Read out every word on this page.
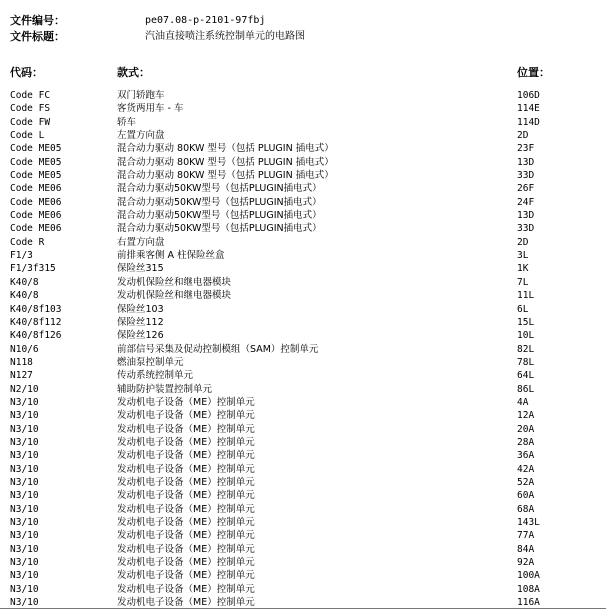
文件编号：	pe07.08-p-2101-97fbj
文件标题：	汽油直接喷注系统控制单元的电路图
代码：	款式：	位置：
Code FC	双门轿跑车	106D
Code FS	客货两用车 - 车	114E
Code FW	轿车	114D
Code L	左置方向盘	2D
Code ME05	混合动力驱动 80KW 型号（包括 PLUGIN 插电式）	23F
Code ME05	混合动力驱动 80KW 型号（包括 PLUGIN 插电式）	13D
Code ME05	混合动力驱动 80KW 型号（包括 PLUGIN 插电式）	33D
Code ME06	混合动力驱动50KW型号（包括PLUGIN插电式）	26F
Code ME06	混合动力驱动50KW型号（包括PLUGIN插电式）	24F
Code ME06	混合动力驱动50KW型号（包括PLUGIN插电式）	13D
Code ME06	混合动力驱动50KW型号（包括PLUGIN插电式）	33D
Code R	右置方向盘	2D
F1/3	前排乘客侧 A 柱保险丝盒	3L
F1/3f315	保险丝315	1K
K40/8	发动机保险丝和继电器模块	7L
K40/8	发动机保险丝和继电器模块	11L
K40/8f103	保险丝103	6L
K40/8f112	保险丝112	15L
K40/8f126	保险丝126	10L
N10/6	前部信号采集及促动控制模组（SAM）控制单元	82L
N118	燃油泵控制单元	78L
N127	传动系统控制单元	64L
N2/10	辅助防护装置控制单元	86L
N3/10	发动机电子设备（ME）控制单元	4A
N3/10	发动机电子设备（ME）控制单元	12A
N3/10	发动机电子设备（ME）控制单元	20A
N3/10	发动机电子设备（ME）控制单元	28A
N3/10	发动机电子设备（ME）控制单元	36A
N3/10	发动机电子设备（ME）控制单元	42A
N3/10	发动机电子设备（ME）控制单元	52A
N3/10	发动机电子设备（ME）控制单元	60A
N3/10	发动机电子设备（ME）控制单元	68A
N3/10	发动机电子设备（ME）控制单元	143L
N3/10	发动机电子设备（ME）控制单元	77A
N3/10	发动机电子设备（ME）控制单元	84A
N3/10	发动机电子设备（ME）控制单元	92A
N3/10	发动机电子设备（ME）控制单元	100A
N3/10	发动机电子设备（ME）控制单元	108A
N3/10	发动机电子设备（ME）控制单元	116A
